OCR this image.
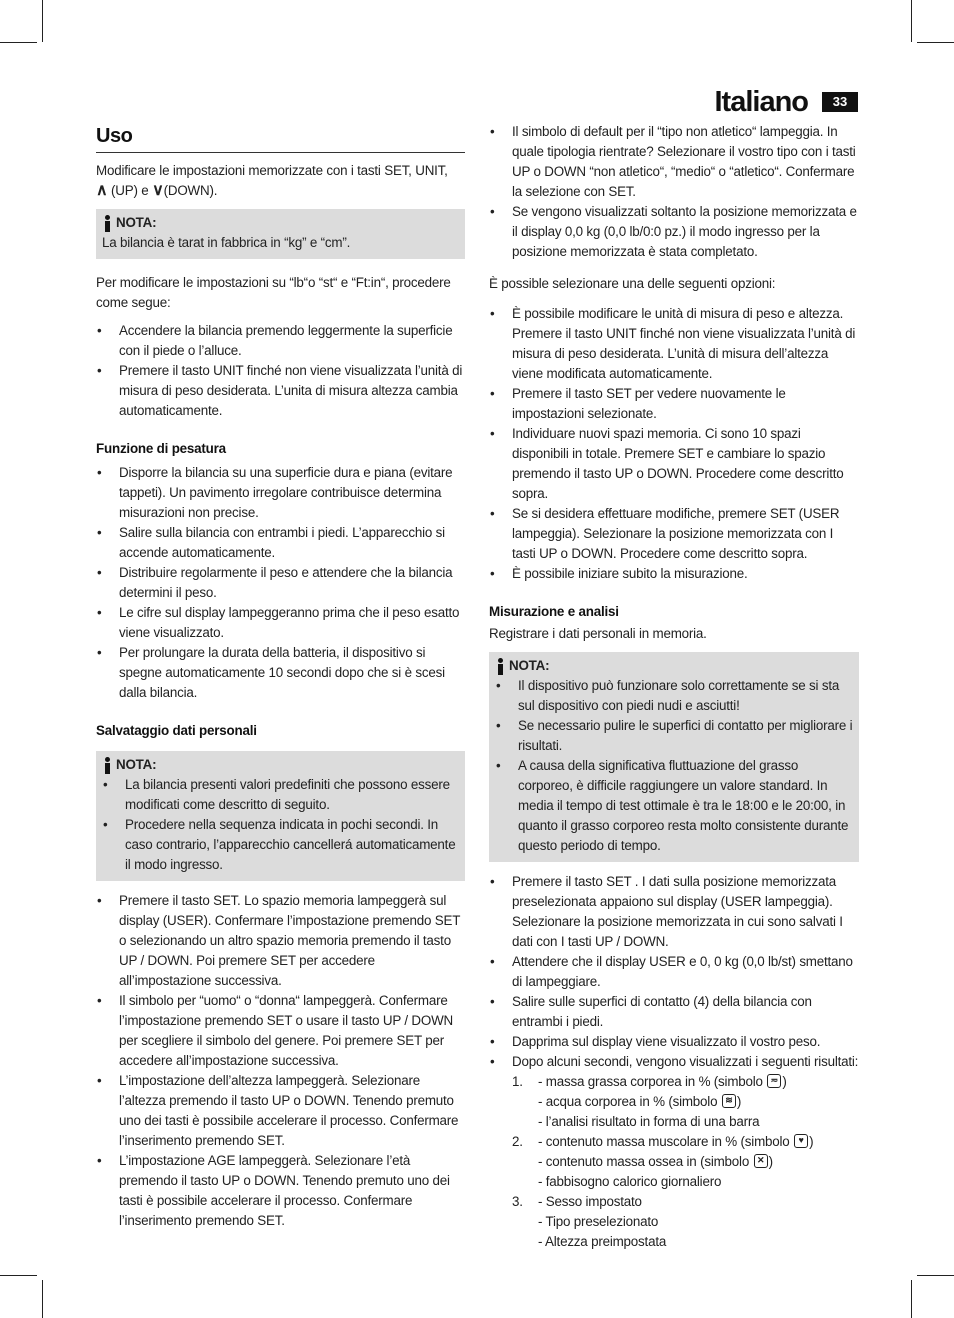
Italiano	33
Uso
Modificare le impostazioni memorizzate con i tasti SET, UNIT,
∧ (UP) e ∨(DOWN).
NOTA:
La bilancia è tarat in fabbrica in “kg” e “cm”.
Per modificare le impostazioni su “lb“o “st“ e “Ft:in“, procedere come segue:
• Accendere la bilancia premendo leggermente la superficie con il piede o l’alluce.
• Premere il tasto UNIT finché non viene visualizzata l’unità di misura di peso desiderata. L’unita di misura altezza cambia automaticamente.
Funzione di pesatura
• Disporre la bilancia su una superficie dura e piana (evitare tappeti). Un pavimento irregolare contribuisce determina misurazioni non precise.
• Salire sulla bilancia con entrambi i piedi. L’apparecchio si accende automaticamente.
• Distribuire regolarmente il peso e attendere che la bilancia determini il peso.
• Le cifre sul display lampeggeranno prima che il peso esatto viene visualizzato.
• Per prolungare la durata della batteria, il dispositivo si spegne automaticamente 10 secondi dopo che si è scesi dalla bilancia.
Salvataggio dati personali
NOTA:
• La bilancia presenti valori predefiniti che possono essere modificati come descritto di seguito.
• Procedere nella sequenza indicata in pochi secondi. In caso contrario, l’apparecchio cancellerá automaticamente il modo ingresso.
• Premere il tasto SET. Lo spazio memoria lampeggerà sul display (USER). Confermare l’impostazione premendo SET o selezionando un altro spazio memoria premendo il tasto UP / DOWN. Poi premere SET per accedere all’impostazione successiva.
• Il simbolo per “uomo“ o “donna“ lampeggerà. Confermare l’impostazione premendo SET o usare il tasto UP / DOWN per scegliere il simbolo del genere. Poi premere SET per accedere all’impostazione successiva.
• L’impostazione dell’altezza lampeggerà. Selezionare l’altezza premendo il tasto UP o DOWN. Tenendo premuto uno dei tasti è possibile accelerare il processo. Confermare l’inserimento premendo SET.
• L’impostazione AGE lampeggerà. Selezionare l’età premendo il tasto UP o DOWN. Tenendo premuto uno dei tasti è possibile accelerare il processo. Confermare l’inserimento premendo SET.
• Il simbolo di default per il “tipo non atletico“ lampeggia. In quale tipologia rientrate? Selezionare il vostro tipo con i tasti UP o DOWN “non atletico“, “medio“ o “atletico“. Confermare la selezione con SET.
• Se vengono visualizzati soltanto la posizione memorizzata e il display 0,0 kg (0,0 lb/0:0 pz.) il modo ingresso per la posizione memorizzata è stata completato.
È possible selezionare una delle seguenti opzioni:
• È possibile modificare le unità di misura di peso e altezza. Premere il tasto UNIT finché non viene visualizzata l’unità di misura di peso desiderata. L’unità di misura dell’altezza viene modificata automaticamente.
• Premere il tasto SET per vedere nuovamente le impostazioni selezionate.
• Individuare nuovi spazi memoria. Ci sono 10 spazi disponibili in totale. Premere SET e cambiare lo spazio premendo il tasto UP o DOWN. Procedere come descritto sopra.
• Se si desidera effettuare modifiche, premere SET (USER lampeggia). Selezionare la posizione memorizzata con I tasti UP o DOWN. Procedere come descritto sopra.
• È possibile iniziare subito la misurazione.
Misurazione e analisi
Registrare i dati personali in memoria.
NOTA:
• Il dispositivo può funzionare solo correttamente se si sta sul dispositivo con piedi nudi e asciutti!
• Se necessario pulire le superfici di contatto per migliorare i risultati.
• A causa della significativa fluttuazione del grasso corporeo, è difficile raggiungere un valore standard. In media il tempo di test ottimale è tra le 18:00 e le 20:00, in quanto il grasso corporeo resta molto consistente durante questo periodo di tempo.
• Premere il tasto SET . I dati sulla posizione memorizzata preselezionata appaiono sul display (USER lampeggia). Selezionare la posizione memorizzata in cui sono salvati I dati con I tasti UP / DOWN.
• Attendere che il display USER e 0, 0 kg (0,0 lb/st) smettano di lampeggiare.
• Salire sulle superfici di contatto (4) della bilancia con entrambi i piedi.
• Dapprima sul display viene visualizzato il vostro peso.
• Dopo alcuni secondi, vengono visualizzati i seguenti risultati:
1.	- massa grassa corporea in % (simbolo ≂ )
- acqua corporea in % (simbolo ≋ )
- l’analisi risultato in forma di una barra
2.	- contenuto massa muscolare in % (simbolo ♥ )
- contenuto massa ossea in (simbolo ✕ )
- fabbisogno calorico giornaliero
3.	- Sesso impostato
- Tipo preselezionato
- Altezza preimpostata
